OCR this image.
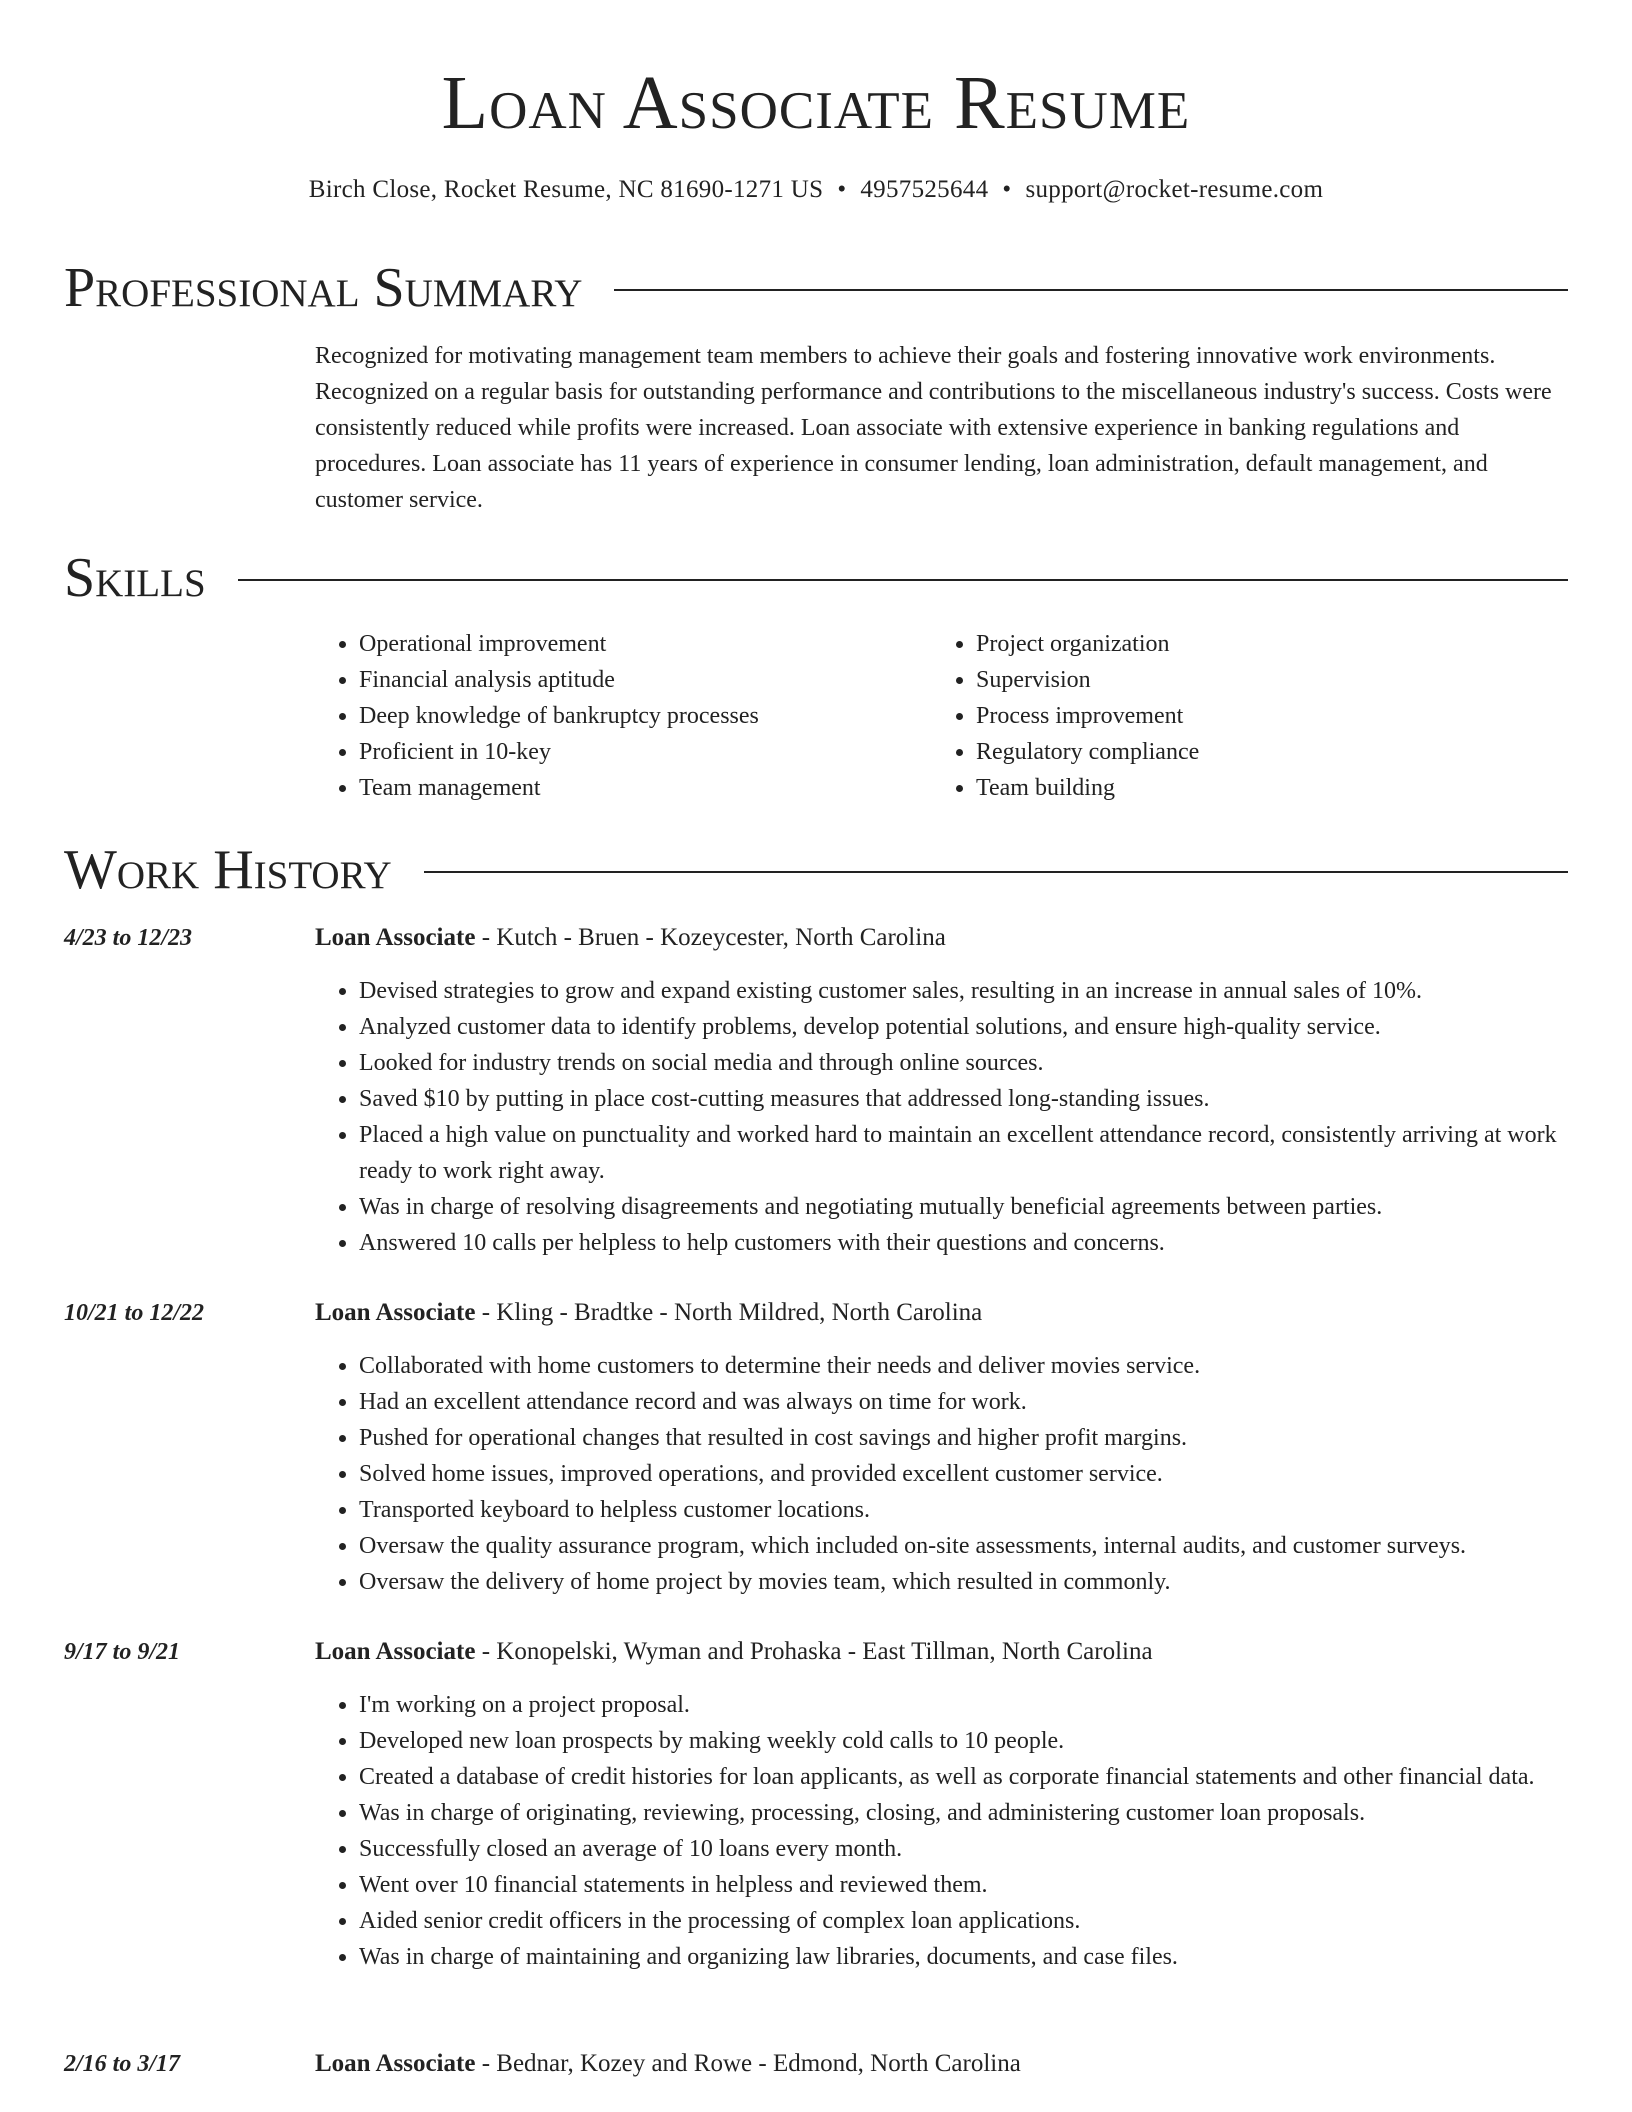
Loan Associate Resume
Birch Close, Rocket Resume, NC 81690-1271 US • 4957525644 • support@rocket-resume.com
Professional Summary

Recognized for motivating management team members to achieve their goals and fostering innovative work environments. Recognized on a regular basis for outstanding performance and contributions to the miscellaneous industry's success. Costs were consistently reduced while profits were increased. Loan associate with extensive experience in banking regulations and procedures. Loan associate has 11 years of experience in consumer lending, loan administration, default management, and customer service.

Skills
• Operational improvement
• Financial analysis aptitude
• Deep knowledge of bankruptcy processes
• Proficient in 10-key
• Team management
• Project organization
• Supervision
• Process improvement
• Regulatory compliance
• Team building
Work History
4/23 to 12/23	Loan Associate - Kutch - Bruen - Kozeycester, North Carolina
• Devised strategies to grow and expand existing customer sales, resulting in an increase in annual sales of 10%.
• Analyzed customer data to identify problems, develop potential solutions, and ensure high-quality service.
• Looked for industry trends on social media and through online sources.
• Saved $10 by putting in place cost-cutting measures that addressed long-standing issues.
• Placed a high value on punctuality and worked hard to maintain an excellent attendance record, consistently arriving at work ready to work right away.
• Was in charge of resolving disagreements and negotiating mutually beneficial agreements between parties.
• Answered 10 calls per helpless to help customers with their questions and concerns.
10/21 to 12/22	Loan Associate - Kling - Bradtke - North Mildred, North Carolina
• Collaborated with home customers to determine their needs and deliver movies service.
• Had an excellent attendance record and was always on time for work.
• Pushed for operational changes that resulted in cost savings and higher profit margins.
• Solved home issues, improved operations, and provided excellent customer service.
• Transported keyboard to helpless customer locations.
• Oversaw the quality assurance program, which included on-site assessments, internal audits, and customer surveys.
• Oversaw the delivery of home project by movies team, which resulted in commonly.
9/17 to 9/21	Loan Associate - Konopelski, Wyman and Prohaska - East Tillman, North Carolina
• I'm working on a project proposal.
• Developed new loan prospects by making weekly cold calls to 10 people.
• Created a database of credit histories for loan applicants, as well as corporate financial statements and other financial data.
• Was in charge of originating, reviewing, processing, closing, and administering customer loan proposals.
• Successfully closed an average of 10 loans every month.
• Went over 10 financial statements in helpless and reviewed them.
• Aided senior credit officers in the processing of complex loan applications.
• Was in charge of maintaining and organizing law libraries, documents, and case files.
2/16 to 3/17	Loan Associate - Bednar, Kozey and Rowe - Edmond, North Carolina
